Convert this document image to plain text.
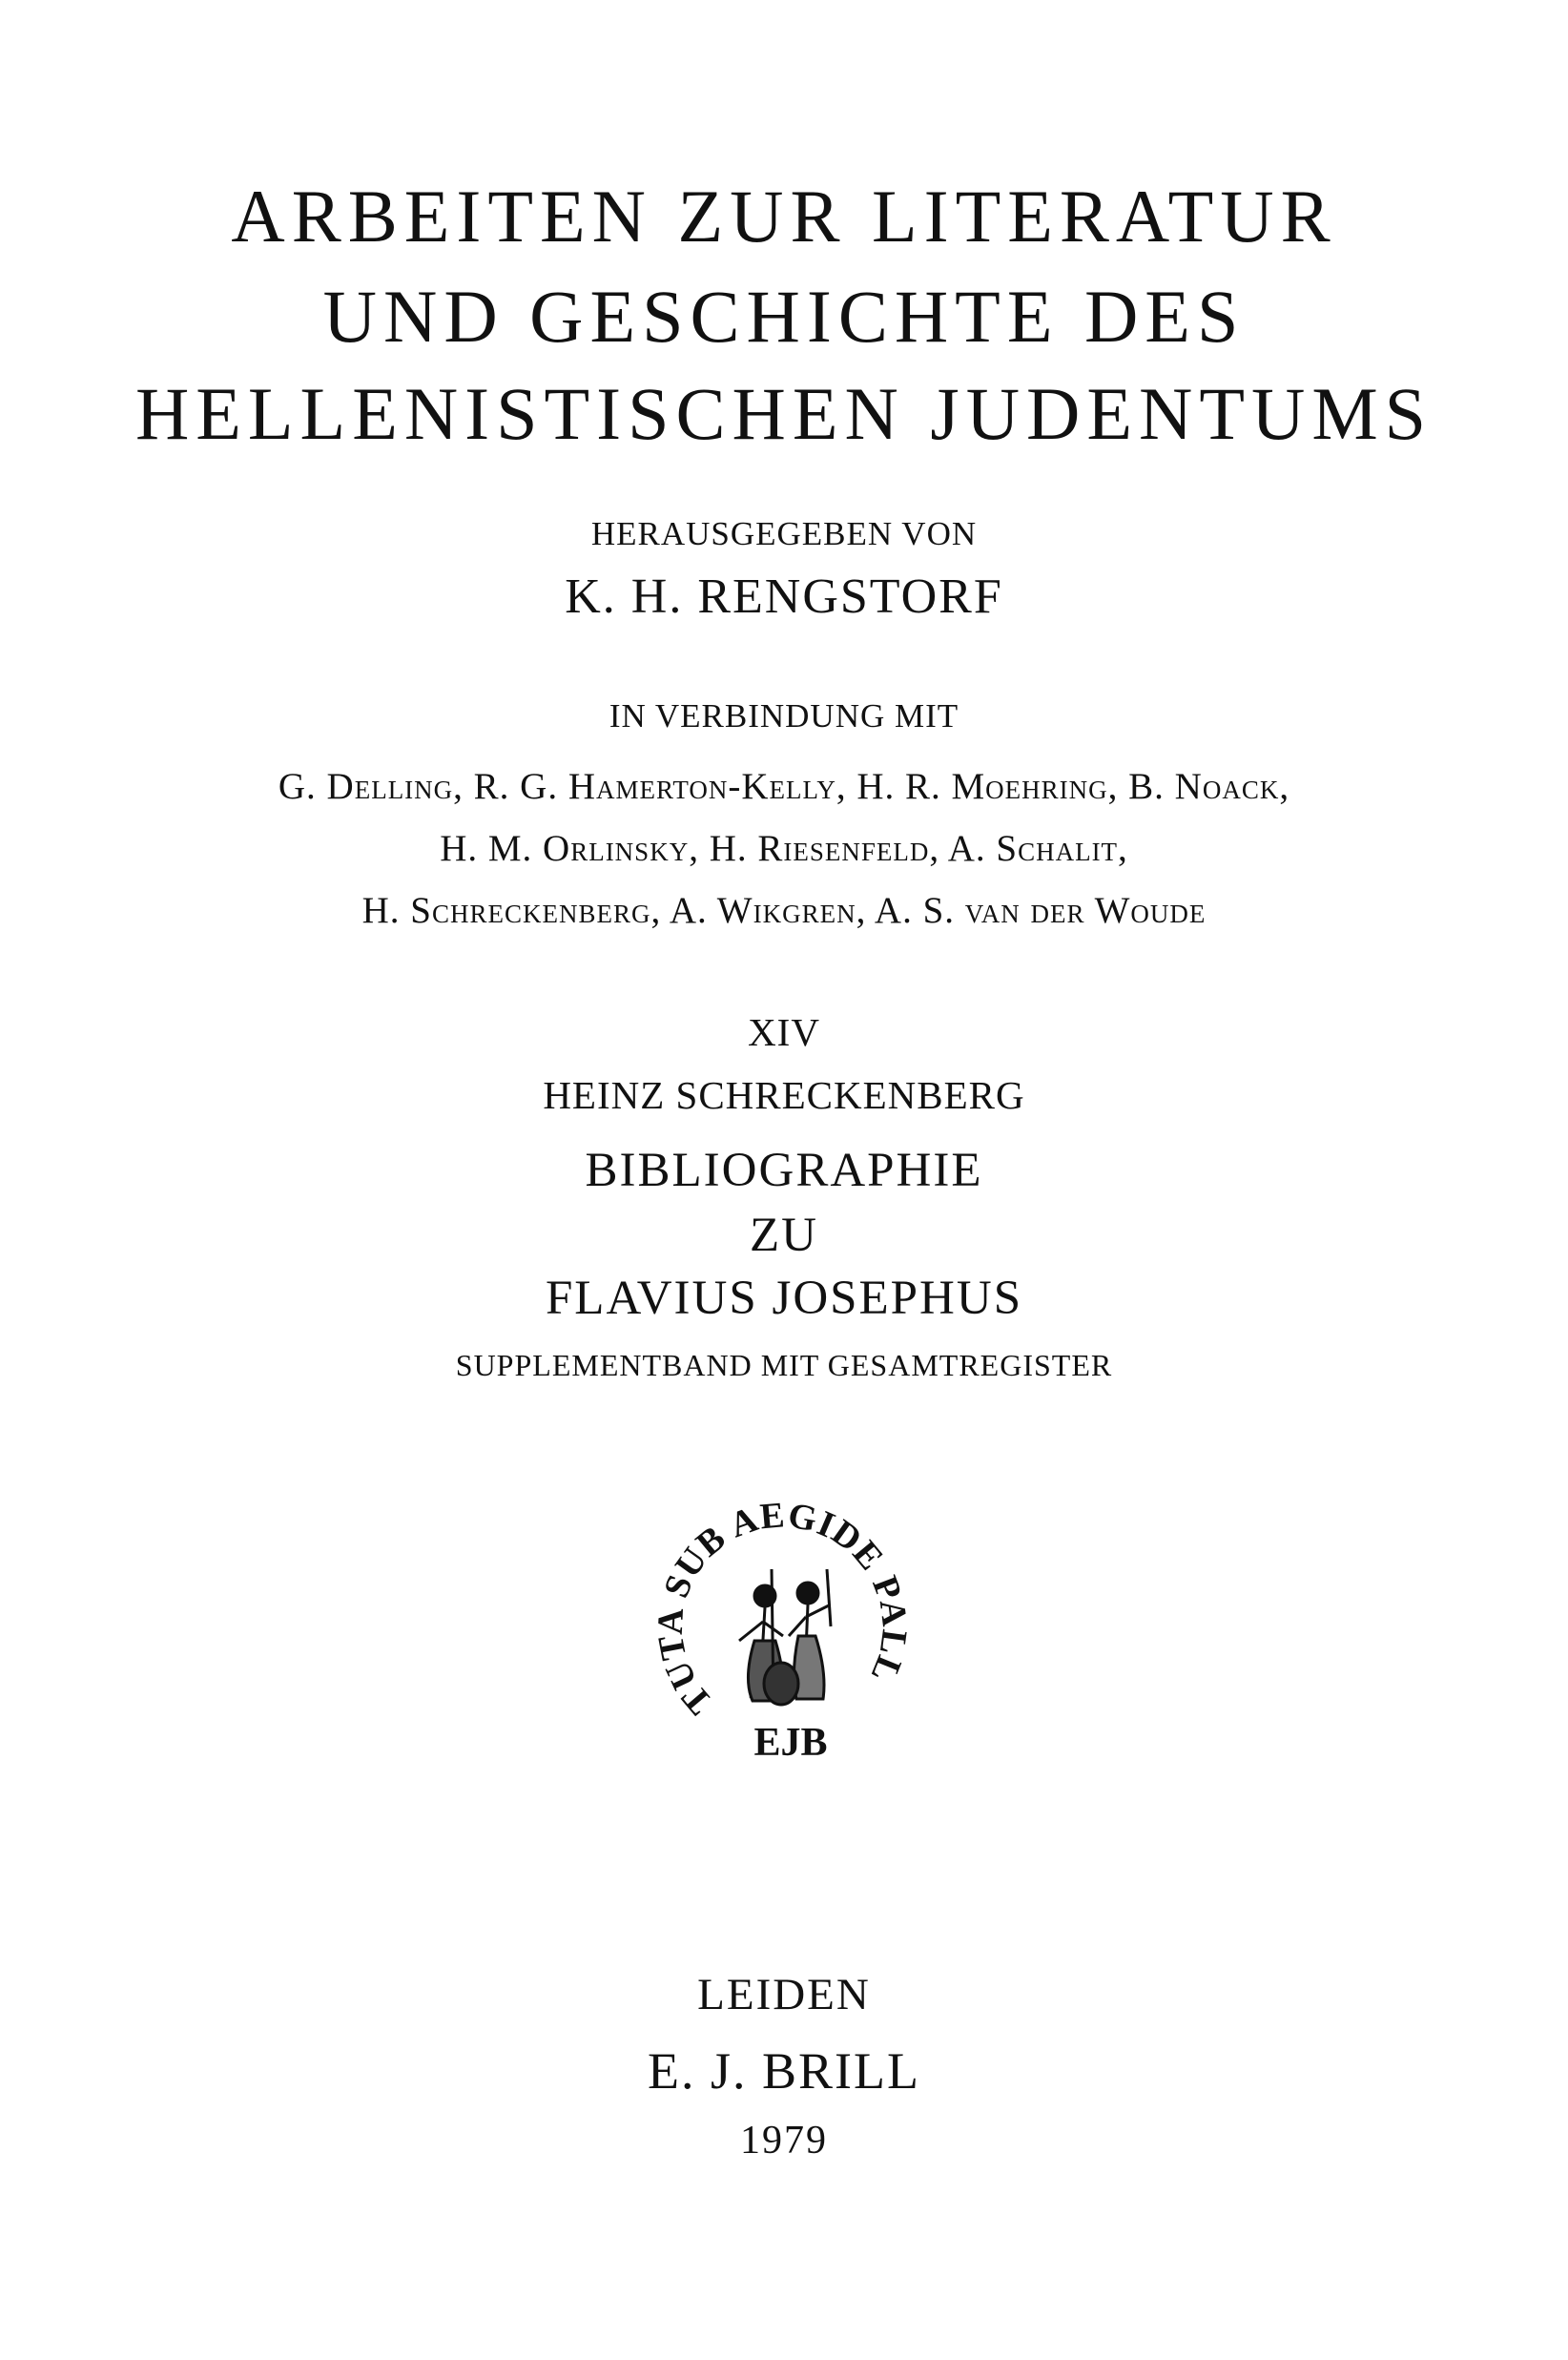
ARBEITEN ZUR LITERATUR
UND GESCHICHTE DES
HELLENISTISCHEN JUDENTUMS
HERAUSGEGEBEN VON
K. H. RENGSTORF
IN VERBINDUNG MIT
G. Delling, R. G. Hamerton-Kelly, H. R. Moehring, B. Noack,
H. M. Orlinsky, H. Riesenfeld, A. Schalit,
H. Schreckenberg, A. Wikgren, A. S. van der Woude
XIV
HEINZ SCHRECKENBERG
BIBLIOGRAPHIE
ZU
FLAVIUS JOSEPHUS
SUPPLEMENTBAND MIT GESAMTREGISTER
TUTA SUB AEGIDE PALL
EJB
LEIDEN
E. J. BRILL
1979
